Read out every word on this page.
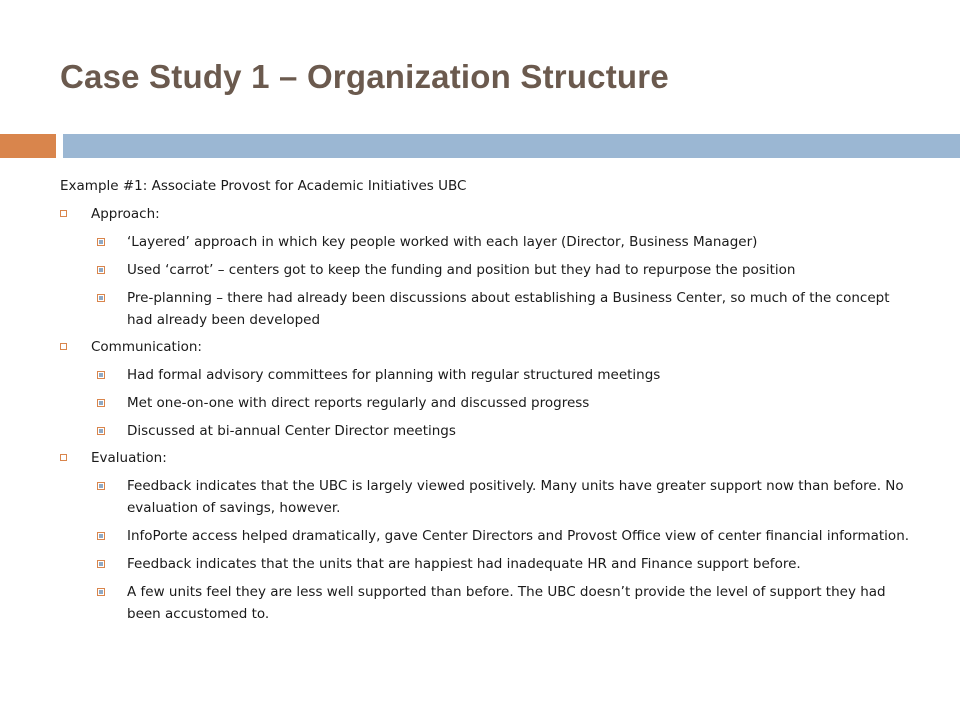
Case Study 1 – Organization Structure
Example #1: Associate Provost for Academic Initiatives UBC
Approach:
‘Layered’ approach in which key people worked with each layer (Director, Business Manager)
Used ‘carrot’ – centers got to keep the funding and position but they had to repurpose the position
Pre-planning – there had already been discussions about establishing a Business Center, so much of the concept had already been developed
Communication:
Had formal advisory committees for planning with regular structured meetings
Met one-on-one with direct reports regularly and discussed progress
Discussed at bi-annual Center Director meetings
Evaluation:
Feedback indicates that the UBC is largely viewed positively. Many units have greater support now than before. No evaluation of savings, however.
InfoPorte access helped dramatically, gave Center Directors and Provost Office view of center financial information.
Feedback indicates that the units that are happiest had inadequate HR and Finance support before.
A few units feel they are less well supported than before. The UBC doesn’t provide the level of support they had been accustomed to.
